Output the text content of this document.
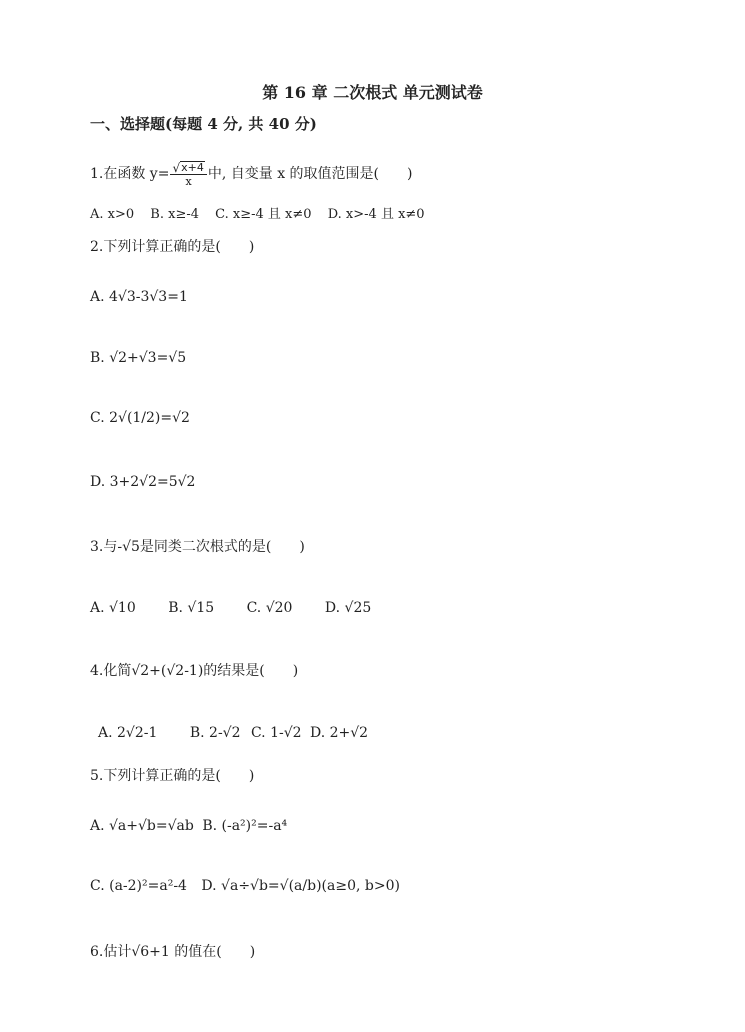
第 16 章 二次根式 单元测试卷
一、选择题(每题 4 分, 共 40 分)
1.在函数 $y= \frac{√ x+4}{x}$ 中, 自变量 x 的取值范围是(　　)
A. x>0 B. x≥-4 C. x≥-4 且 x≠0 D. x>-4 且 x≠0
2.下列计算正确的是(　　)
A. 4√3-3√3=1
B. √2+√3=√5
C. 2√(1/2)=√2
D. 3+2√2=5√2
3.与-√5是同类二次根式的是(　　)
A. √10 B. √15 C. √20 D. √25
4.化简√2+(√2-1)的结果是(　　)
A. 2√2-1 B. 2-√2 C. 1-√2 D. 2+√2
5.下列计算正确的是(　　)
A. √a+√b=√ab B. (-a²)²=-a⁴
C. (a-2)²=a²-4 D. √a÷√b=√(a/b)(a≥0, b>0)
6.估计√6+1 的值在(　　)
